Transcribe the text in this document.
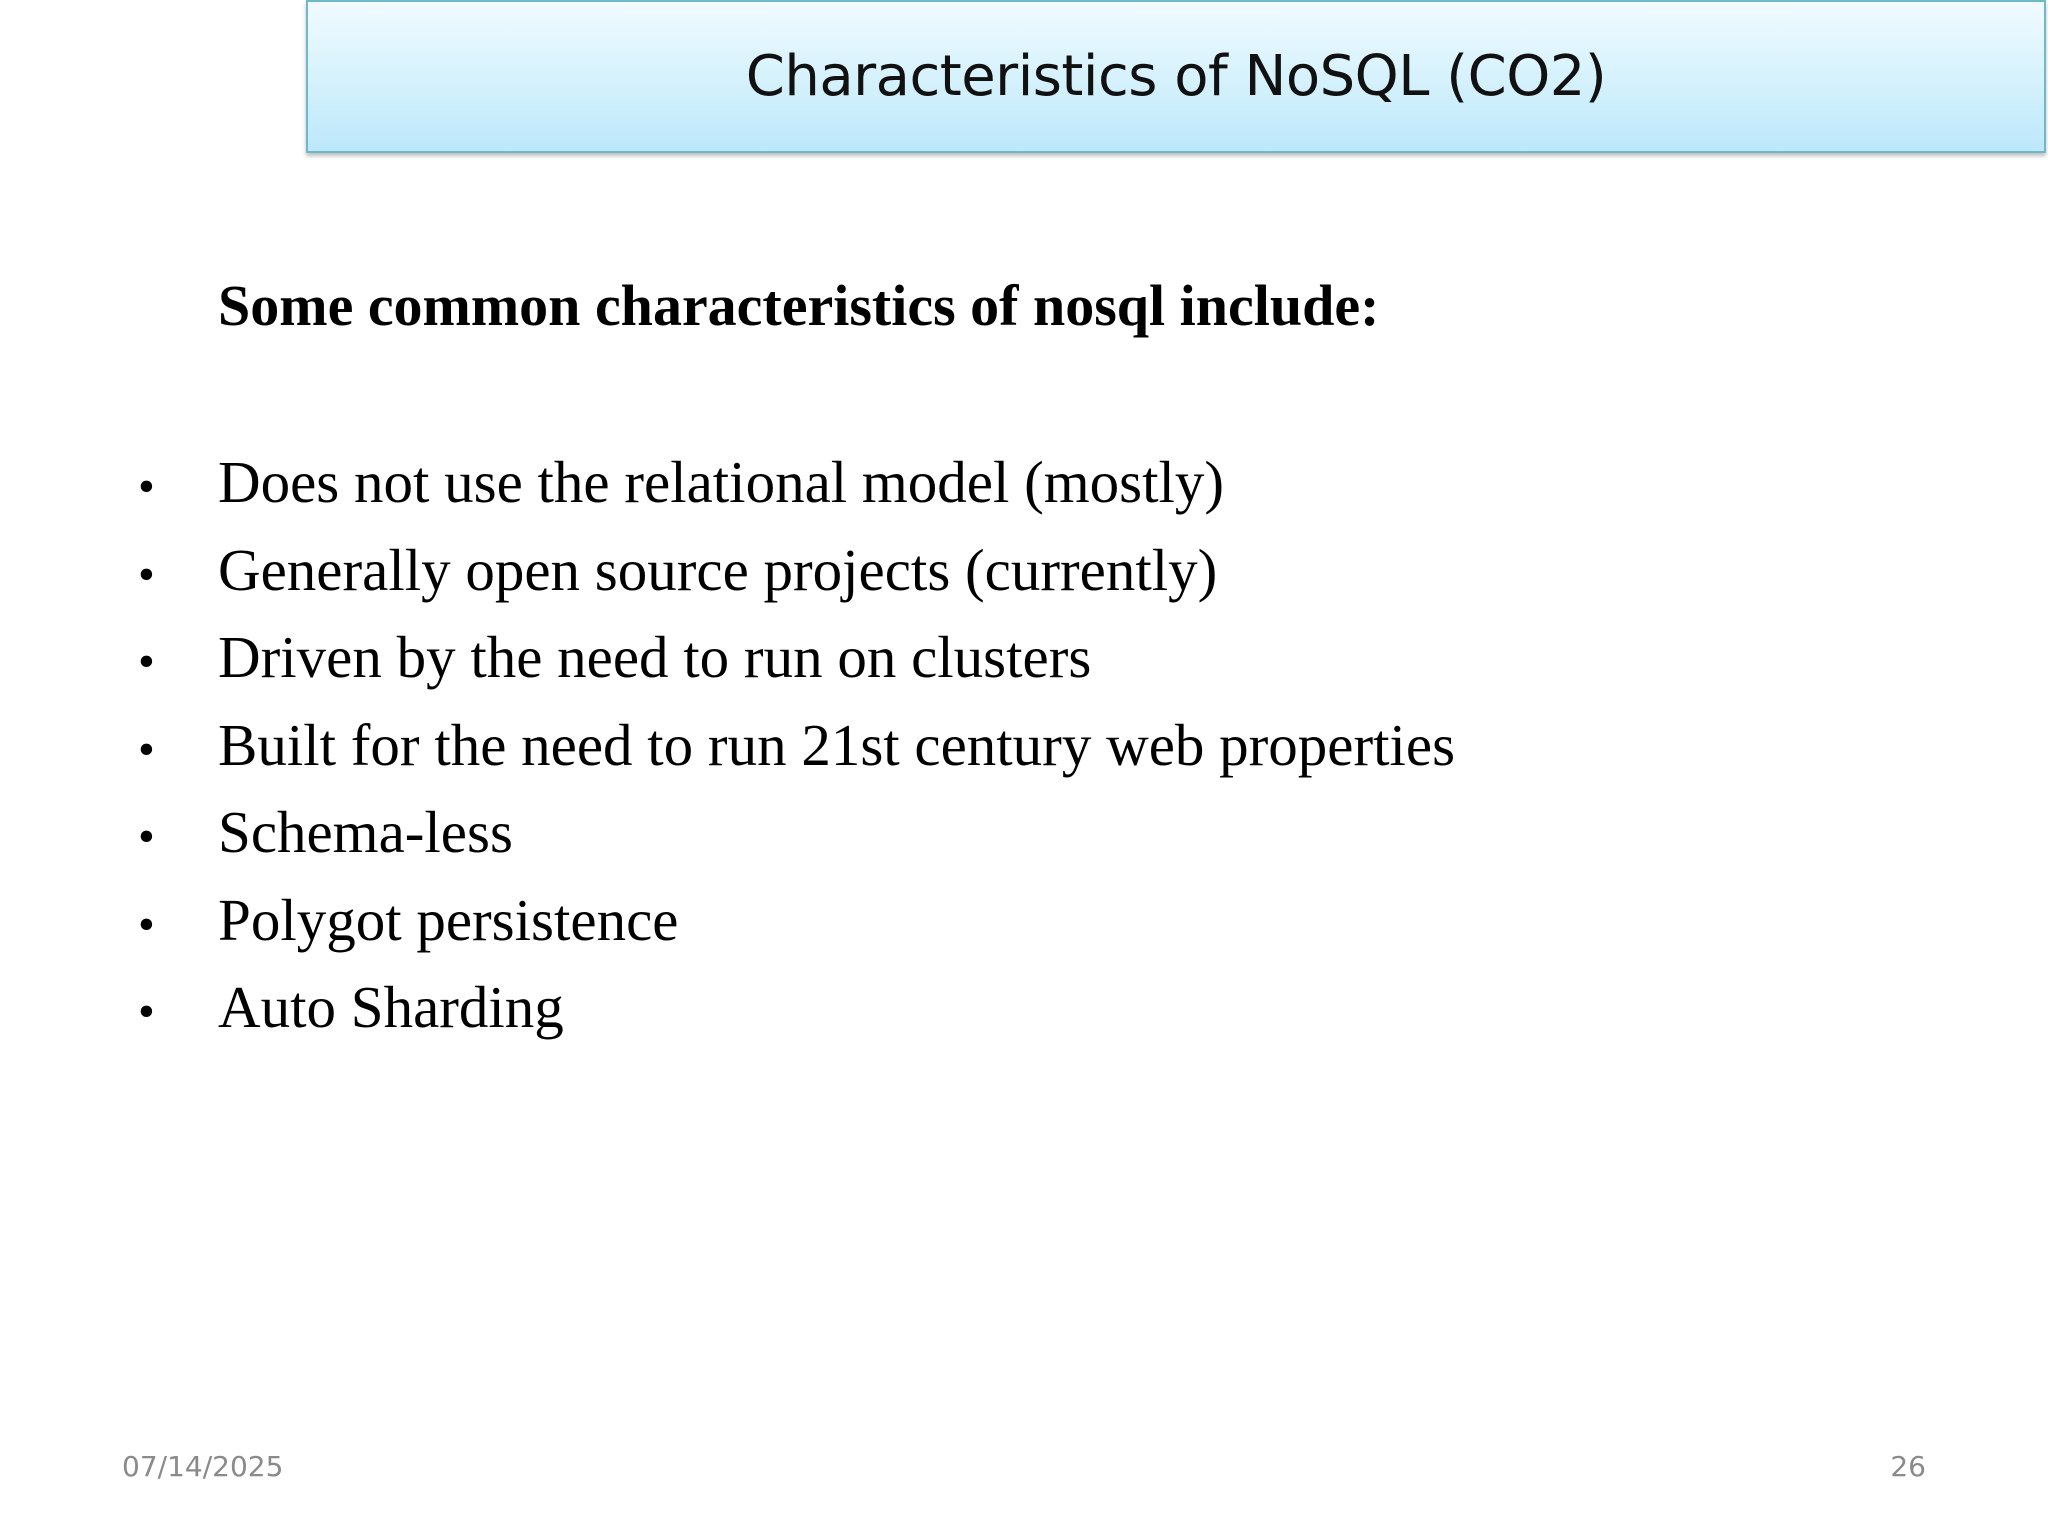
Characteristics of NoSQL (CO2)
Some common characteristics of nosql include:
•	Does not use the relational model (mostly)
•	Generally open source projects (currently)
•	Driven by the need to run on clusters
•	Built for the need to run 21st century web properties
•	Schema-less
•	Polygot persistence
•	Auto Sharding
07/14/2025	26
